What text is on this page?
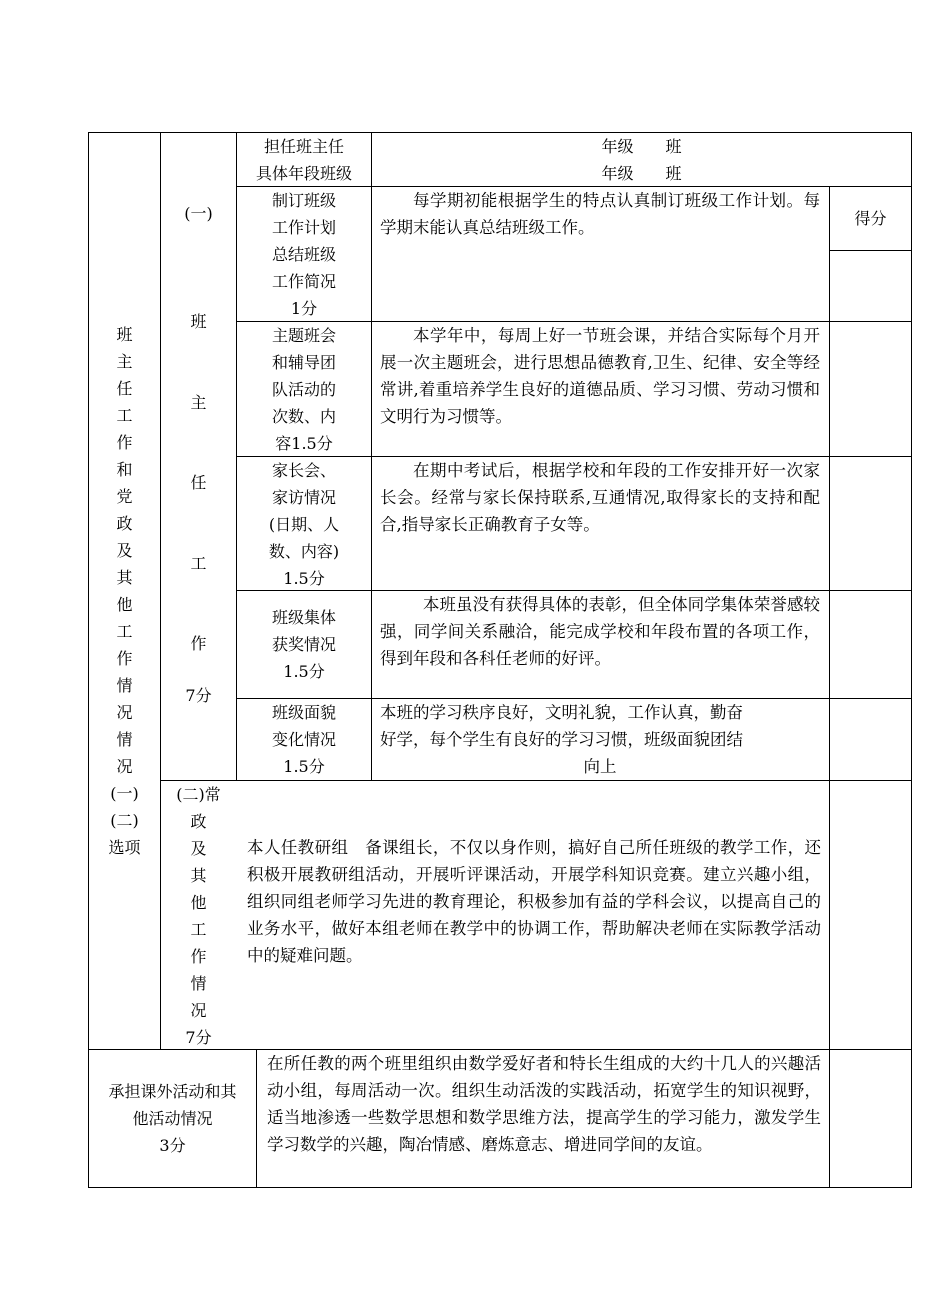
班
主
任
工
作
和
党
政
及
其
他
工
作
情
况
情
况
(一)
(二)
选项
(一)
班
主
任
工
作
7分
担任班主任
具体年段班级
年级　　班
年级　　班
得分
制订班级
工作计划
总结班级
工作简况
1分
每学期初能根据学生的特点认真制订班级工作计划。每学期末能认真总结班级工作。
主题班会
和辅导团
队活动的
次数、内
容1.5分
本学年中，每周上好一节班会课，并结合实际每个月开展一次主题班会，进行思想品德教育,卫生、纪律、安全等经常讲,着重培养学生良好的道德品质、学习习惯、劳动习惯和文明行为习惯等。
家长会、
家访情况
(日期、人
数、内容)
1.5分
在期中考试后，根据学校和年段的工作安排开好一次家长会。经常与家长保持联系,互通情况,取得家长的支持和配合,指导家长正确教育子女等。
班级集体
获奖情况
1.5分
本班虽没有获得具体的表彰，但全体同学集体荣誉感较强，同学间关系融洽，能完成学校和年段布置的各项工作，得到年段和各科任老师的好评。
班级面貌
变化情况
1.5分
本班的学习秩序良好，文明礼貌，工作认真，勤奋
好学，每个学生有良好的学习习惯，班级面貌团结
向上
(二)常
政
及
其
他
工
作
情
况
7分
本人任教研组　备课组长，不仅以身作则，搞好自己所任班级的教学工作，还积极开展教研组活动，开展听评课活动，开展学科知识竞赛。建立兴趣小组，组织同组老师学习先进的教育理论，积极参加有益的学科会议，以提高自己的业务水平，做好本组老师在教学中的协调工作，帮助解决老师在实际教学活动中的疑难问题。
承担课外活动和其
他活动情况
3分
在所任教的两个班里组织由数学爱好者和特长生组成的大约十几人的兴趣活动小组，每周活动一次。组织生动活泼的实践活动，拓宽学生的知识视野，适当地渗透一些数学思想和数学思维方法，提高学生的学习能力，激发学生学习数学的兴趣，陶冶情感、磨炼意志、增进同学间的友谊。
